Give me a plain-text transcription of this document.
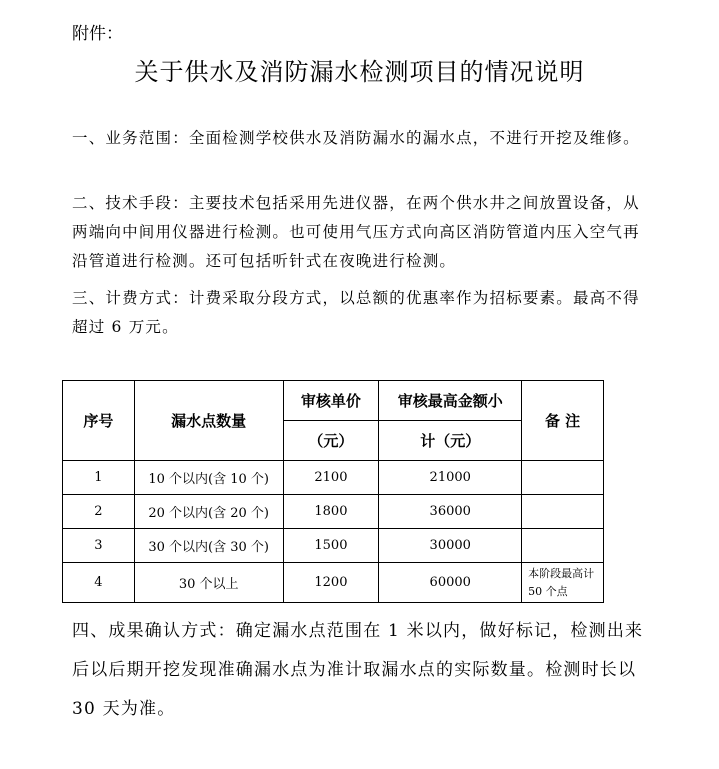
附件：
关于供水及消防漏水检测项目的情况说明

一、业务范围：全面检测学校供水及消防漏水的漏水点，不进行开挖及维修。

二、技术手段：主要技术包括采用先进仪器，在两个供水井之间放置设备，从两端向中间用仪器进行检测。也可使用气压方式向高区消防管道内压入空气再沿管道进行检测。还可包括听针式在夜晚进行检测。

三、计费方式：计费采取分段方式，以总额的优惠率作为招标要素。最高不得超过 6 万元。

序号	漏水点数量	审核单价	审核最高金额小	备 注
		（元）	计（元）	
1	10 个以内(含 10 个)	2100	21000	
2	20 个以内(含 20 个)	1800	36000	
3	30 个以内(含 30 个)	1500	30000	
4	30 个以上	1200	60000	本阶段最高计 50 个点
四、成果确认方式：确定漏水点范围在 1 米以内，做好标记，检测出来后以后期开挖发现准确漏水点为准计取漏水点的实际数量。检测时长以 30 天为准。
